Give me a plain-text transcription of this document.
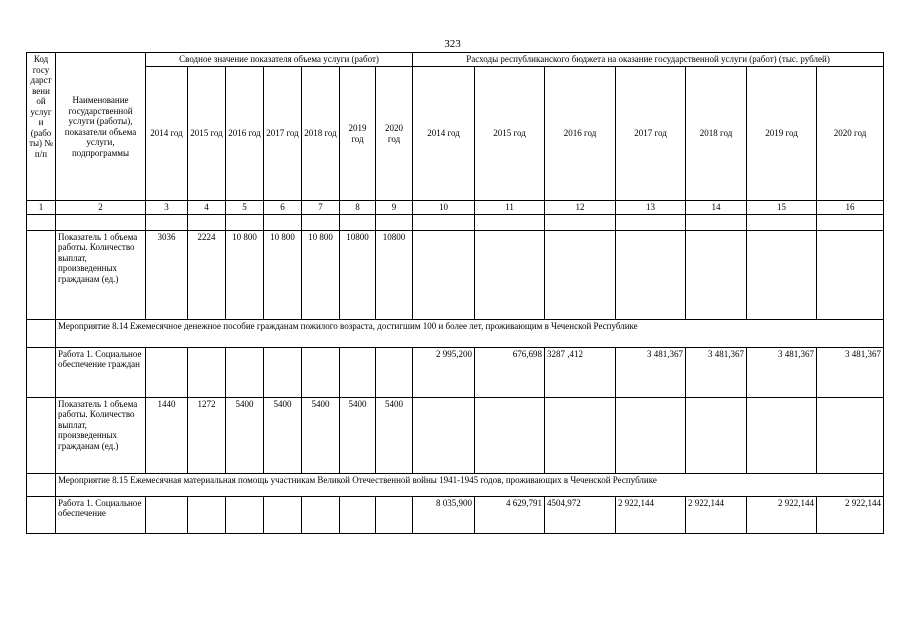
323
Код госу дарст вени ой услуг и (рабо ты) № п/п	Наименование государственной услуги (работы), показатели объема услуги, подпрограммы	Сводное значение показателя объема услуги (работ)							Расходы республиканского бюджета на оказание государственной услуги (работ) (тыс. рублей)						
		2014 год	2015 год	2016 год	2017 год	2018 год	2019 год	2020 год	2014 год	2015 год	2016 год	2017 год	2018 год	2019 год	2020 год
1	2	3	4	5	6	7	8	9	10	11	12	13	14	15	16

	Показатель 1 объема работы. Количество выплат, произведенных гражданам (ед.)	3036	2224	10 800	10 800	10 800	10800	10800							
	Мероприятие 8.14 Ежемесячное денежное пособие гражданам пожилого возраста, достигшим 100 и более лет, проживающим в Чеченской Республике														
	Работа 1. Социальное обеспечение граждан								2 995,200	676,698	3287 ,412	3 481,367	3 481,367	3 481,367	3 481,367
	Показатель 1 объема работы. Количество выплат, произведенных гражданам (ед.)	1440	1272	5400	5400	5400	5400	5400							
	Мероприятие 8.15 Ежемесячная материальная помощь участникам Великой Отечественной войны 1941-1945 годов, проживающих в Чеченской Республике														
	Работа 1. Социальное обеспечение								8 035,900	4 629,791	4504,972	2 922,144	2 922,144	2 922,144	2 922,144
